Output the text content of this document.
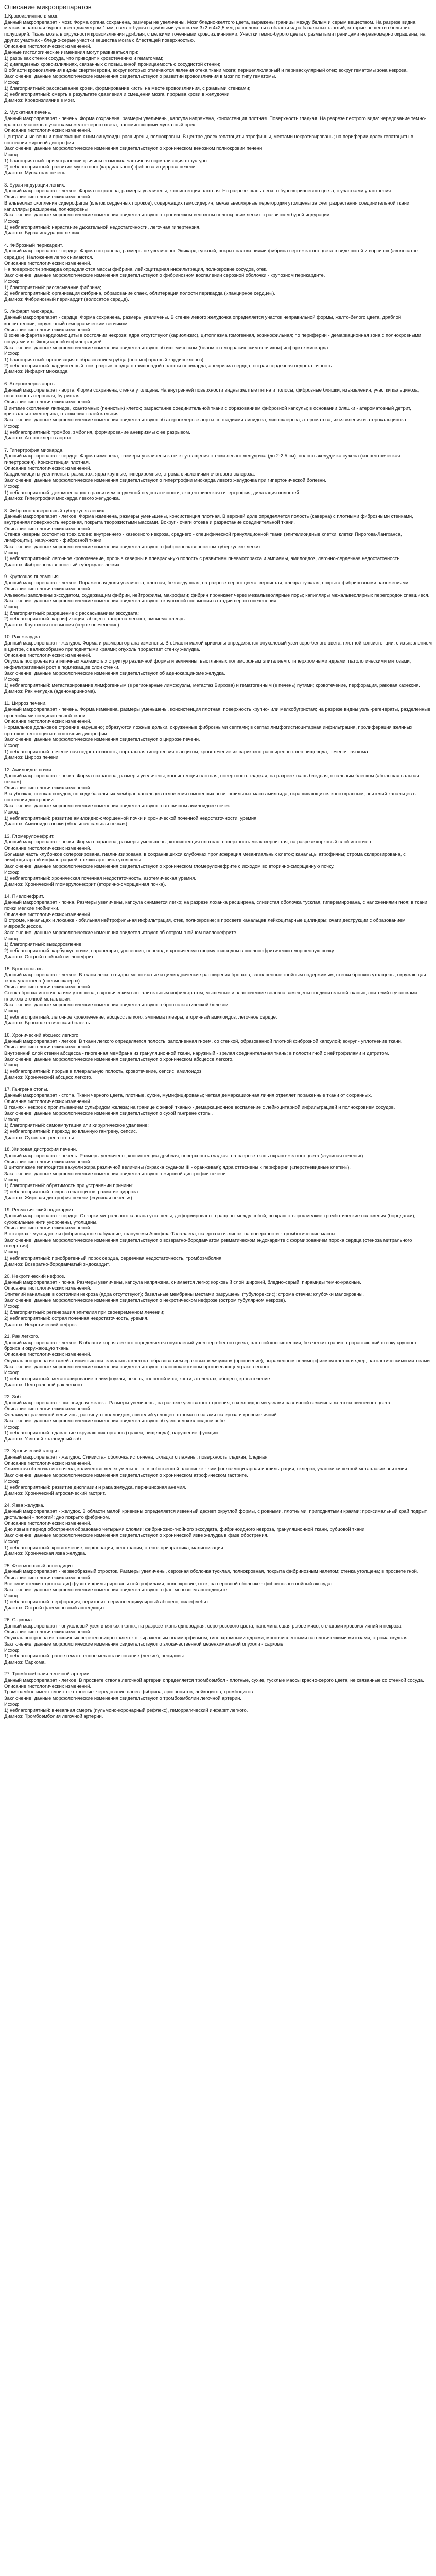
Описание микропрепаратов
1.Кровоизлияние в мозг.
Данный макропрепарат - мозг. Форма органа сохранена, размеры не увеличены. Мозг бледно-желтого цвета, выражены границы между белым и серым веществом. На разрезе видна мелкая зональная бурого цвета диаметром 1 мм, светло-бурая с дряблыми участками 3х2 и 4х2,5 мм, расположены в области ядра базальных ганглий, которые вещество больших полушарий. Ткань мозга в окружности кровоизлияния дряблая, с мелкими точечными кровоизлияниями. Участки темно-бурого цвета с размытыми границами неравномерно окрашены, на других участках - бледно-серые участки вещества мозга с блестящей поверхностью.
Описание гистологических изменений.
Данные гистологические изменения могут развиваться при:
1) разрывах стенки сосуда, что приводит к кровотечению и гематомам;
2) диапедезных кровоизлияниях, связанных с повышенной проницаемостью сосудистой стенки;
В области кровоизлияния видны свертки крови, вокруг которых отмечаются явления отека ткани мозга; перицеллюлярный и периваскулярный отек; вокруг гематомы зона некроза.
Заключение: данные морфологические изменения свидетельствуют о развитии кровоизлияния в мозг по типу гематомы.
Исход:
1) благоприятный: рассасывание крови, формирование кисты на месте кровоизлияния, с ржавыми стенками;
2) неблагоприятный: смерть в результате сдавления и смещения мозга, прорыва крови в желудочки.
Диагноз: Кровоизлияние в мозг.

2. Мускатная печень.
Данный макропрепарат - печень. Форма сохранена, размеры увеличены, капсула напряжена, консистенция плотная. Поверхность гладкая. На разрезе пестрого вида: чередование темно-красных участков с участками желто-серого цвета, напоминающими мускатный орех.
Описание гистологических изменений.
Центральные вены и прилежащие к ним синусоиды расширены, полнокровны. В центре долек гепатоциты атрофичны, местами некротизированы; на периферии долек гепатоциты в состоянии жировой дистрофии.
Заключение: данные морфологические изменения свидетельствуют о хроническом венозном полнокровии печени.
Исход:
1) благоприятный: при устранении причины возможна частичная нормализация структуры;
2) неблагоприятный: развитие мускатного (кардиального) фиброза и цирроза печени.
Диагноз: Мускатная печень.

3. Бурая индурация легких.
Данный макропрепарат - легкое. Форма сохранена, размеры увеличены, консистенция плотная. На разрезе ткань легкого буро-коричневого цвета, с участками уплотнения.
Описание гистологических изменений.
В альвеолах скопления сидерофагов (клеток сердечных пороков), содержащих гемосидерин; межальвеолярные перегородки утолщены за счет разрастания соединительной ткани; капилляры расширены, полнокровны.
Заключение: данные морфологические изменения свидетельствуют о хроническом венозном полнокровии легких с развитием бурой индурации.
Исход:
1) неблагоприятный: нарастание дыхательной недостаточности, легочная гипертензия.
Диагноз: Бурая индурация легких.

4. Фиброзный перикардит.
Данный макропрепарат - сердце. Форма сохранена, размеры не увеличены. Эпикард тусклый, покрыт наложениями фибрина серо-желтого цвета в виде нитей и ворсинок («волосатое сердце»). Наложения легко снимаются.
Описание гистологических изменений.
На поверхности эпикарда определяются массы фибрина, лейкоцитарная инфильтрация, полнокровие сосудов, отек.
Заключение: данные морфологические изменения свидетельствуют о фибринозном воспалении серозной оболочки - крупозном перикардите.
Исход:
1) благоприятный: рассасывание фибрина;
2) неблагоприятный: организация фибрина, образование спаек, облитерация полости перикарда («панцирное сердце»).
Диагноз: Фибринозный перикардит (волосатое сердце).

5. Инфаркт миокарда.
Данный макропрепарат - сердце. Форма сохранена, размеры увеличены. В стенке левого желудочка определяется участок неправильной формы, желто-белого цвета, дряблой консистенции, окруженный геморрагическим венчиком.
Описание гистологических изменений.
В зоне инфаркта кардиомиоциты в состоянии некроза: ядра отсутствуют (кариолизис), цитоплазма гомогенная, эозинофильная; по периферии - демаркационная зона с полнокровными сосудами и лейкоцитарной инфильтрацией.
Заключение: данные морфологические изменения свидетельствуют об ишемическом (белом с геморрагическим венчиком) инфаркте миокарда.
Исход:
1) благоприятный: организация с образованием рубца (постинфарктный кардиосклероз);
2) неблагоприятный: кардиогенный шок, разрыв сердца с тампонадой полости перикарда, аневризма сердца, острая сердечная недостаточность.
Диагноз: Инфаркт миокарда.

6. Атеросклероз аорты.
Данный макропрепарат - аорта. Форма сохранена, стенка утолщена. На внутренней поверхности видны желтые пятна и полосы, фиброзные бляшки, изъязвления, участки кальциноза; поверхность неровная, бугристая.
Описание гистологических изменений.
В интиме скопления липидов, ксантомных (пенистых) клеток; разрастание соединительной ткани с образованием фиброзной капсулы; в основании бляшки - атероматозный детрит, кристаллы холестерина, отложения солей кальция.
Заключение: данные морфологические изменения свидетельствуют об атеросклерозе аорты со стадиями липидоза, липосклероза, атероматоза, изъязвления и атерокальциноза.
Исход:
1) неблагоприятный: тромбоз, эмболия, формирование аневризмы с ее разрывом.
Диагноз: Атеросклероз аорты.

7. Гипертрофия миокарда.
Данный макропрепарат - сердце. Форма изменена, размеры увеличены за счет утолщения стенки левого желудочка (до 2-2,5 см), полость желудочка сужена (концентрическая гипертрофия). Консистенция плотная.
Описание гистологических изменений.
Кардиомиоциты увеличены в размерах, ядра крупные, гиперхромные; строма с явлениями очагового склероза.
Заключение: данные морфологические изменения свидетельствуют о гипертрофии миокарда левого желудочка при гипертонической болезни.
Исход:
1) неблагоприятный: декомпенсация с развитием сердечной недостаточности, эксцентрическая гипертрофия, дилатация полостей.
Диагноз: Гипертрофия миокарда левого желудочка.

8. Фиброзно-кавернозный туберкулез легких.
Данный макропрепарат - легкое. Форма изменена, размеры уменьшены, консистенция плотная. В верхней доле определяется полость (каверна) с плотными фиброзными стенками, внутренняя поверхность неровная, покрыта творожистыми массами. Вокруг - очаги отсева и разрастание соединительной ткани.
Описание гистологических изменений.
Стенка каверны состоит из трех слоев: внутреннего - казеозного некроза, среднего - специфической грануляционной ткани (эпителиоидные клетки, клетки Пирогова-Лангханса, лимфоциты), наружного - фиброзной ткани.
Заключение: данные морфологические изменения свидетельствуют о фиброзно-кавернозном туберкулезе легких.
Исход:
1) неблагоприятный: легочное кровотечение, прорыв каверны в плевральную полость с развитием пневмоторакса и эмпиемы, амилоидоз, легочно-сердечная недостаточность.
Диагноз: Фиброзно-кавернозный туберкулез легких.

9. Крупозная пневмония.
Данный макропрепарат - легкое. Пораженная доля увеличена, плотная, безвоздушная, на разрезе серого цвета, зернистая; плевра тусклая, покрыта фибринозными наложениями.
Описание гистологических изменений.
Альвеолы заполнены экссудатом, содержащим фибрин, нейтрофилы, макрофаги; фибрин проникает через межальвеолярные поры; капилляры межальвеолярных перегородок спавшиеся.
Заключение: данные морфологические изменения свидетельствуют о крупозной пневмонии в стадии серого опеченения.
Исход:
1) благоприятный: разрешение с рассасыванием экссудата;
2) неблагоприятный: карнификация, абсцесс, гангрена легкого, эмпиема плевры.
Диагноз: Крупозная пневмония (серое опеченение).

10. Рак желудка.
Данный макропрепарат - желудок. Форма и размеры органа изменены. В области малой кривизны определяется опухолевый узел серо-белого цвета, плотной консистенции, с изъязвлением в центре, с валикообразно приподнятыми краями; опухоль прорастает стенку желудка.
Описание гистологических изменений.
Опухоль построена из атипичных железистых структур различной формы и величины, выстланных полиморфным эпителием с гиперхромными ядрами, патологическими митозами; инфильтративный рост в подлежащие слои стенки.
Заключение: данные морфологические изменения свидетельствуют об аденокарциноме желудка.
Исход:
1) неблагоприятный: метастазирование лимфогенным (в регионарные лимфоузлы, метастаз Вирхова) и гематогенным (в печень) путями; кровотечение, перфорация, раковая кахексия.
Диагноз: Рак желудка (аденокарцинома).

11. Цирроз печени.
Данный макропрепарат - печень. Форма изменена, размеры уменьшены, консистенция плотная; поверхность крупно- или мелкобугристая; на разрезе видны узлы-регенераты, разделенные прослойками соединительной ткани.
Описание гистологических изменений.
Нормальное дольковое строение нарушено; образуются ложные дольки, окруженные фиброзными септами; в септах лимфогистиоцитарная инфильтрация, пролиферация желчных протоков; гепатоциты в состоянии дистрофии.
Заключение: данные морфологические изменения свидетельствуют о циррозе печени.
Исход:
1) неблагоприятный: печеночная недостаточность, портальная гипертензия с асцитом, кровотечение из варикозно расширенных вен пищевода, печеночная кома.
Диагноз: Цирроз печени.

12. Амилоидоз почки.
Данный макропрепарат - почка. Форма сохранена, размеры увеличены, консистенция плотная; поверхность гладкая; на разрезе ткань бледная, с сальным блеском («большая сальная почка»).
Описание гистологических изменений.
В клубочках, стенках сосудов, по ходу базальных мембран канальцев отложения гомогенных эозинофильных масс амилоида, окрашивающихся конго красным; эпителий канальцев в состоянии дистрофии.
Заключение: данные морфологические изменения свидетельствуют о вторичном амилоидозе почек.
Исход:
1) неблагоприятный: развитие амилоидно-сморщенной почки и хронической почечной недостаточности, уремия.
Диагноз: Амилоидоз почки («большая сальная почка»).

13. Гломерулонефрит.
Данный макропрепарат - почки. Форма сохранена, размеры уменьшены, консистенция плотная, поверхность мелкозернистая; на разрезе корковый слой истончен.
Описание гистологических изменений.
Большая часть клубочков склерозирована, гиалинизирована; в сохранившихся клубочках пролиферация мезангиальных клеток; канальцы атрофичны; строма склерозирована, с лимфоцитарной инфильтрацией; стенки артериол утолщены.
Заключение: данные морфологические изменения свидетельствуют о хроническом гломерулонефрите с исходом во вторично-сморщенную почку.
Исход:
1) неблагоприятный: хроническая почечная недостаточность, азотемическая уремия.
Диагноз: Хронический гломерулонефрит (вторично-сморщенная почка).

14. Пиелонефрит.
Данный макропрепарат - почка. Размеры увеличены, капсула снимается легко; на разрезе лоханка расширена, слизистая оболочка тусклая, гиперемирована, с наложениями гноя; в ткани почки мелкие гнойнички.
Описание гистологических изменений.
В строме, канальцах и лоханке - обильная нейтрофильная инфильтрация, отек, полнокровие; в просвете канальцев лейкоцитарные цилиндры; очаги деструкции с образованием микроабсцессов.
Заключение: данные морфологические изменения свидетельствуют об остром гнойном пиелонефрите.
Исход:
1) благоприятный: выздоровление;
2) неблагоприятный: карбункул почки, паранефрит, уросепсис, переход в хроническую форму с исходом в пиелонефритически сморщенную почку.
Диагноз: Острый гнойный пиелонефрит.

15. Бронхоэктазы.
Данный макропрепарат - легкое. В ткани легкого видны мешотчатые и цилиндрические расширения бронхов, заполненные гнойным содержимым; стенки бронхов утолщены; окружающая ткань уплотнена (пневмосклероз).
Описание гистологических изменений.
Стенка бронха истончена или утолщена, с хроническим воспалительным инфильтратом; мышечные и эластические волокна замещены соединительной тканью; эпителий с участками плоскоклеточной метаплазии.
Заключение: данные морфологические изменения свидетельствуют о бронхоэктатической болезни.
Исход:
1) неблагоприятный: легочное кровотечение, абсцесс легкого, эмпиема плевры, вторичный амилоидоз, легочное сердце.
Диагноз: Бронхоэктатическая болезнь.

16. Хронический абсцесс легкого.
Данный макропрепарат - легкое. В ткани легкого определяется полость, заполненная гноем, со стенкой, образованной плотной фиброзной капсулой; вокруг - уплотнение ткани.
Описание гистологических изменений.
Внутренний слой стенки абсцесса - пиогенная мембрана из грануляционной ткани, наружный - зрелая соединительная ткань; в полости гной с нейтрофилами и детритом.
Заключение: данные морфологические изменения свидетельствуют о хроническом абсцессе легкого.
Исход:
1) неблагоприятный: прорыв в плевральную полость, кровотечение, сепсис, амилоидоз.
Диагноз: Хронический абсцесс легкого.

17. Гангрена стопы.
Данный макропрепарат - стопа. Ткани черного цвета, плотные, сухие, мумифицированы; четкая демаркационная линия отделяет пораженные ткани от сохранных.
Описание гистологических изменений.
В тканях - некроз с пропитыванием сульфидом железа; на границе с живой тканью - демаркационное воспаление с лейкоцитарной инфильтрацией и полнокровием сосудов.
Заключение: данные морфологические изменения свидетельствуют о сухой гангрене стопы.
Исход:
1) благоприятный: самоампутация или хирургическое удаление;
2) неблагоприятный: переход во влажную гангрену, сепсис.
Диагноз: Сухая гангрена стопы.

18. Жировая дистрофия печени.
Данный макропрепарат - печень. Размеры увеличены, консистенция дряблая, поверхность гладкая; на разрезе ткань охряно-желтого цвета («гусиная печень»).
Описание гистологических изменений.
В цитоплазме гепатоцитов вакуоли жира различной величины (окраска суданом III - оранжевая); ядра оттеснены к периферии («перстневидные клетки»).
Заключение: данные морфологические изменения свидетельствуют о жировой дистрофии печени.
Исход:
1) благоприятный: обратимость при устранении причины;
2) неблагоприятный: некроз гепатоцитов, развитие цирроза.
Диагноз: Жировая дистрофия печени («гусиная печень»).

19. Ревматический эндокардит.
Данный макропрепарат - сердце. Створки митрального клапана утолщены, деформированы, сращены между собой; по краю створок мелкие тромботические наложения (бородавки); сухожильные нити укорочены, утолщены.
Описание гистологических изменений.
В створках - мукоидное и фибриноидное набухание, гранулемы Ашоффа-Талалаева; склероз и гиалиноз; на поверхности - тромботические массы.
Заключение: данные морфологические изменения свидетельствуют о возвратно-бородавчатом ревматическом эндокардите с формированием порока сердца (стеноза митрального отверстия).
Исход:
1) неблагоприятный: приобретенный порок сердца, сердечная недостаточность, тромбоэмболия.
Диагноз: Возвратно-бородавчатый эндокардит.

20. Некротический нефроз.
Данный макропрепарат - почка. Размеры увеличены, капсула напряжена, снимается легко; корковый слой широкий, бледно-серый, пирамиды темно-красные.
Описание гистологических изменений.
Эпителий канальцев в состоянии некроза (ядра отсутствуют); базальные мембраны местами разрушены (тубулорексис); строма отечна; клубочки малокровны.
Заключение: данные морфологические изменения свидетельствуют о некротическом нефрозе (остром тубулярном некрозе).
Исход:
1) благоприятный: регенерация эпителия при своевременном лечении;
2) неблагоприятный: острая почечная недостаточность, уремия.
Диагноз: Некротический нефроз.

21. Рак легкого.
Данный макропрепарат - легкое. В области корня легкого определяется опухолевый узел серо-белого цвета, плотной консистенции, без четких границ, прорастающий стенку крупного бронха и окружающую ткань.
Описание гистологических изменений.
Опухоль построена из тяжей атипичных эпителиальных клеток с образованием «раковых жемчужин» (ороговение), выраженным полиморфизмом клеток и ядер, патологическими митозами.
Заключение: данные морфологические изменения свидетельствуют о плоскоклеточном ороговевающем раке легкого.
Исход:
1) неблагоприятный: метастазирование в лимфоузлы, печень, головной мозг, кости; ателектаз, абсцесс, кровотечение.
Диагноз: Центральный рак легкого.

22. Зоб.
Данный макропрепарат - щитовидная железа. Размеры увеличены, на разрезе узловатого строения, с коллоидными узлами различной величины желто-коричневого цвета.
Описание гистологических изменений.
Фолликулы различной величины, растянуты коллоидом; эпителий уплощен; строма с очагами склероза и кровоизлияний.
Заключение: данные морфологические изменения свидетельствуют об узловом коллоидном зобе.
Исход:
1) неблагоприятный: сдавление окружающих органов (трахеи, пищевода), нарушение функции.
Диагноз: Узловой коллоидный зоб.

23. Хронический гастрит.
Данный макропрепарат - желудок. Слизистая оболочка истончена, складки сглажены, поверхность гладкая, бледная.
Описание гистологических изменений.
Слизистая оболочка истончена, количество желез уменьшено; в собственной пластинке - лимфоплазмоцитарная инфильтрация, склероз; участки кишечной метаплазии эпителия.
Заключение: данные морфологические изменения свидетельствуют о хроническом атрофическом гастрите.
Исход:
1) неблагоприятный: развитие дисплазии и рака желудка, пернициозная анемия.
Диагноз: Хронический атрофический гастрит.

24. Язва желудка.
Данный макропрепарат - желудок. В области малой кривизны определяется язвенный дефект округлой формы, с ровными, плотными, приподнятыми краями; проксимальный край подрыт, дистальный - пологий; дно покрыто фибрином.
Описание гистологических изменений.
Дно язвы в период обострения образовано четырьмя слоями: фибринозно-гнойного экссудата, фибриноидного некроза, грануляционной ткани, рубцовой ткани.
Заключение: данные морфологические изменения свидетельствуют о хронической язве желудка в фазе обострения.
Исход:
1) неблагоприятный: кровотечение, перфорация, пенетрация, стеноз привратника, малигнизация.
Диагноз: Хроническая язва желудка.

25. Флегмонозный аппендицит.
Данный макропрепарат - червеобразный отросток. Размеры увеличены, серозная оболочка тусклая, полнокровная, покрыта фибринозным налетом; стенка утолщена; в просвете гной.
Описание гистологических изменений.
Все слои стенки отростка диффузно инфильтрированы нейтрофилами; полнокровие, отек; на серозной оболочке - фибринозно-гнойный экссудат.
Заключение: данные морфологические изменения свидетельствуют о флегмонозном аппендиците.
Исход:
1) неблагоприятный: перфорация, перитонит, периаппендикулярный абсцесс, пилефлебит.
Диагноз: Острый флегмонозный аппендицит.

26. Саркома.
Данный макропрепарат - опухолевый узел в мягких тканях; на разрезе ткань однородная, серо-розового цвета, напоминающая рыбье мясо, с очагами кровоизлияний и некроза.
Описание гистологических изменений.
Опухоль построена из атипичных веретеновидных клеток с выраженным полиморфизмом, гиперхромными ядрами, многочисленными патологическими митозами; строма скудная.
Заключение: данные морфологические изменения свидетельствуют о злокачественной мезенхимальной опухоли - саркоме.
Исход:
1) неблагоприятный: ранее гематогенное метастазирование (легкие), рецидивы.
Диагноз: Саркома.

27. Тромбоэмболия легочной артерии.
Данный макропрепарат - легкое. В просвете ствола легочной артерии определяется тромбоэмбол - плотные, сухие, тусклые массы красно-серого цвета, не связанные со стенкой сосуда.
Описание гистологических изменений.
Тромбоэмбол имеет слоистое строение: чередование слоев фибрина, эритроцитов, лейкоцитов, тромбоцитов.
Заключение: данные морфологические изменения свидетельствуют о тромбоэмболии легочной артерии.
Исход:
1) неблагоприятный: внезапная смерть (пульмоно-коронарный рефлекс), геморрагический инфаркт легкого.
Диагноз: Тромбоэмболия легочной артерии.
